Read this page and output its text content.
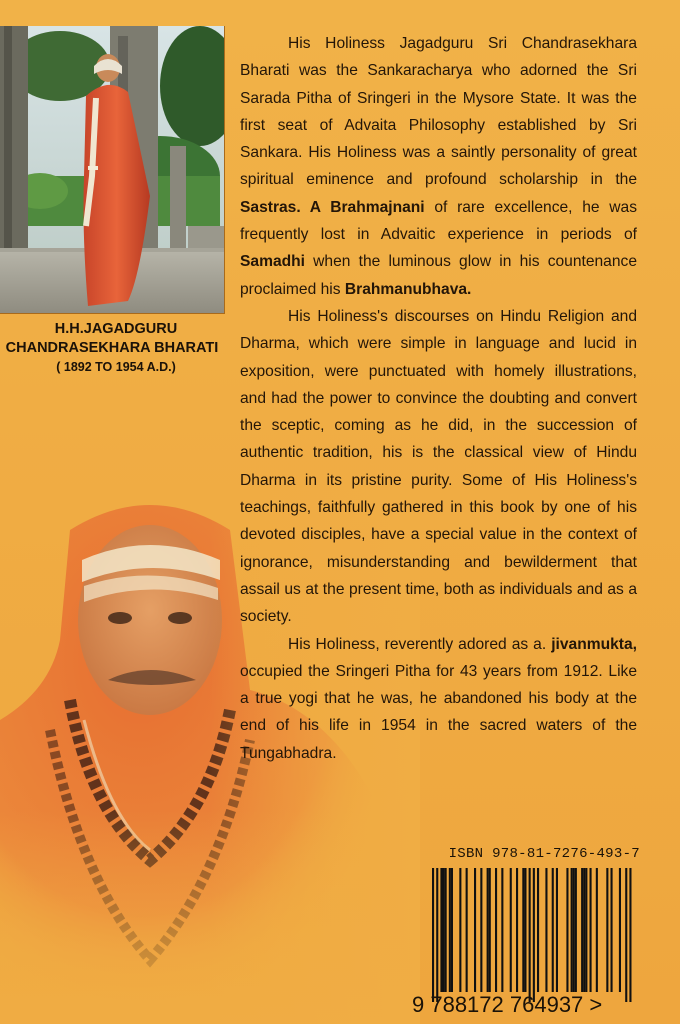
H.H.JAGADGURU
CHANDRASEKHARA BHARATI
( 1892 TO 1954 A.D.)

His Holiness Jagadguru Sri Chandrasekhara Bharati was the Sankaracharya who adorned the Sri Sarada Pitha of Sringeri in the Mysore State. It was the first seat of Advaita Philosophy established by Sri Sankara. His Holiness was a saintly personality of great spiritual eminence and profound scholarship in the Sastras. A Brahmajnani of rare excellence, he was frequently lost in Advaitic experience in periods of Samadhi when the luminous glow in his countenance proclaimed his Brahmanubhava.

His Holiness's discourses on Hindu Religion and Dharma, which were simple in language and lucid in exposition, were punctuated with homely illustrations, and had the power to convince the doubting and convert the sceptic, coming as he did, in the succession of authentic tradition, his is the classical view of Hindu Dharma in its pristine purity. Some of His Holiness's teachings, faithfully gathered in this book by one of his devoted disciples, have a special value in the context of ignorance, misunderstanding and bewilderment that assail us at the present time, both as individuals and as a society.

His Holiness, reverently adored as a. jivanmukta, occupied the Sringeri Pitha for 43 years from 1912. Like a true yogi that he was, he abandoned his body at the end of his life in 1954 in the sacred waters of the Tungabhadra.

ISBN 978-81-7276-493-7
9 788172 764937 >
